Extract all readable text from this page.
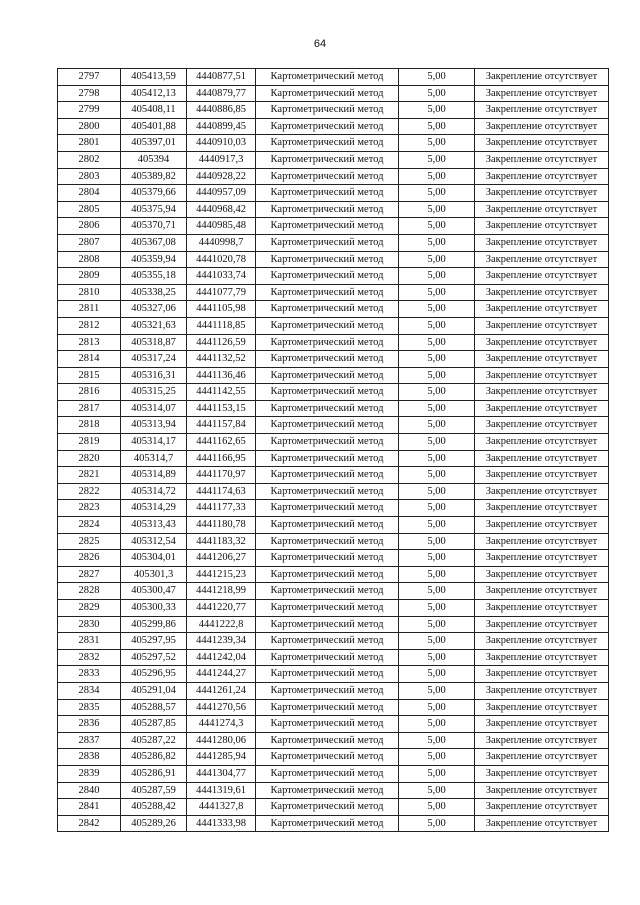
64
2797	405413,59	4440877,51	Картометрический метод	5,00	Закрепление отсутствует
2798	405412,13	4440879,77	Картометрический метод	5,00	Закрепление отсутствует
2799	405408,11	4440886,85	Картометрический метод	5,00	Закрепление отсутствует
2800	405401,88	4440899,45	Картометрический метод	5,00	Закрепление отсутствует
2801	405397,01	4440910,03	Картометрический метод	5,00	Закрепление отсутствует
2802	405394	4440917,3	Картометрический метод	5,00	Закрепление отсутствует
2803	405389,82	4440928,22	Картометрический метод	5,00	Закрепление отсутствует
2804	405379,66	4440957,09	Картометрический метод	5,00	Закрепление отсутствует
2805	405375,94	4440968,42	Картометрический метод	5,00	Закрепление отсутствует
2806	405370,71	4440985,48	Картометрический метод	5,00	Закрепление отсутствует
2807	405367,08	4440998,7	Картометрический метод	5,00	Закрепление отсутствует
2808	405359,94	4441020,78	Картометрический метод	5,00	Закрепление отсутствует
2809	405355,18	4441033,74	Картометрический метод	5,00	Закрепление отсутствует
2810	405338,25	4441077,79	Картометрический метод	5,00	Закрепление отсутствует
2811	405327,06	4441105,98	Картометрический метод	5,00	Закрепление отсутствует
2812	405321,63	4441118,85	Картометрический метод	5,00	Закрепление отсутствует
2813	405318,87	4441126,59	Картометрический метод	5,00	Закрепление отсутствует
2814	405317,24	4441132,52	Картометрический метод	5,00	Закрепление отсутствует
2815	405316,31	4441136,46	Картометрический метод	5,00	Закрепление отсутствует
2816	405315,25	4441142,55	Картометрический метод	5,00	Закрепление отсутствует
2817	405314,07	4441153,15	Картометрический метод	5,00	Закрепление отсутствует
2818	405313,94	4441157,84	Картометрический метод	5,00	Закрепление отсутствует
2819	405314,17	4441162,65	Картометрический метод	5,00	Закрепление отсутствует
2820	405314,7	4441166,95	Картометрический метод	5,00	Закрепление отсутствует
2821	405314,89	4441170,97	Картометрический метод	5,00	Закрепление отсутствует
2822	405314,72	4441174,63	Картометрический метод	5,00	Закрепление отсутствует
2823	405314,29	4441177,33	Картометрический метод	5,00	Закрепление отсутствует
2824	405313,43	4441180,78	Картометрический метод	5,00	Закрепление отсутствует
2825	405312,54	4441183,32	Картометрический метод	5,00	Закрепление отсутствует
2826	405304,01	4441206,27	Картометрический метод	5,00	Закрепление отсутствует
2827	405301,3	4441215,23	Картометрический метод	5,00	Закрепление отсутствует
2828	405300,47	4441218,99	Картометрический метод	5,00	Закрепление отсутствует
2829	405300,33	4441220,77	Картометрический метод	5,00	Закрепление отсутствует
2830	405299,86	4441222,8	Картометрический метод	5,00	Закрепление отсутствует
2831	405297,95	4441239,34	Картометрический метод	5,00	Закрепление отсутствует
2832	405297,52	4441242,04	Картометрический метод	5,00	Закрепление отсутствует
2833	405296,95	4441244,27	Картометрический метод	5,00	Закрепление отсутствует
2834	405291,04	4441261,24	Картометрический метод	5,00	Закрепление отсутствует
2835	405288,57	4441270,56	Картометрический метод	5,00	Закрепление отсутствует
2836	405287,85	4441274,3	Картометрический метод	5,00	Закрепление отсутствует
2837	405287,22	4441280,06	Картометрический метод	5,00	Закрепление отсутствует
2838	405286,82	4441285,94	Картометрический метод	5,00	Закрепление отсутствует
2839	405286,91	4441304,77	Картометрический метод	5,00	Закрепление отсутствует
2840	405287,59	4441319,61	Картометрический метод	5,00	Закрепление отсутствует
2841	405288,42	4441327,8	Картометрический метод	5,00	Закрепление отсутствует
2842	405289,26	4441333,98	Картометрический метод	5,00	Закрепление отсутствует
